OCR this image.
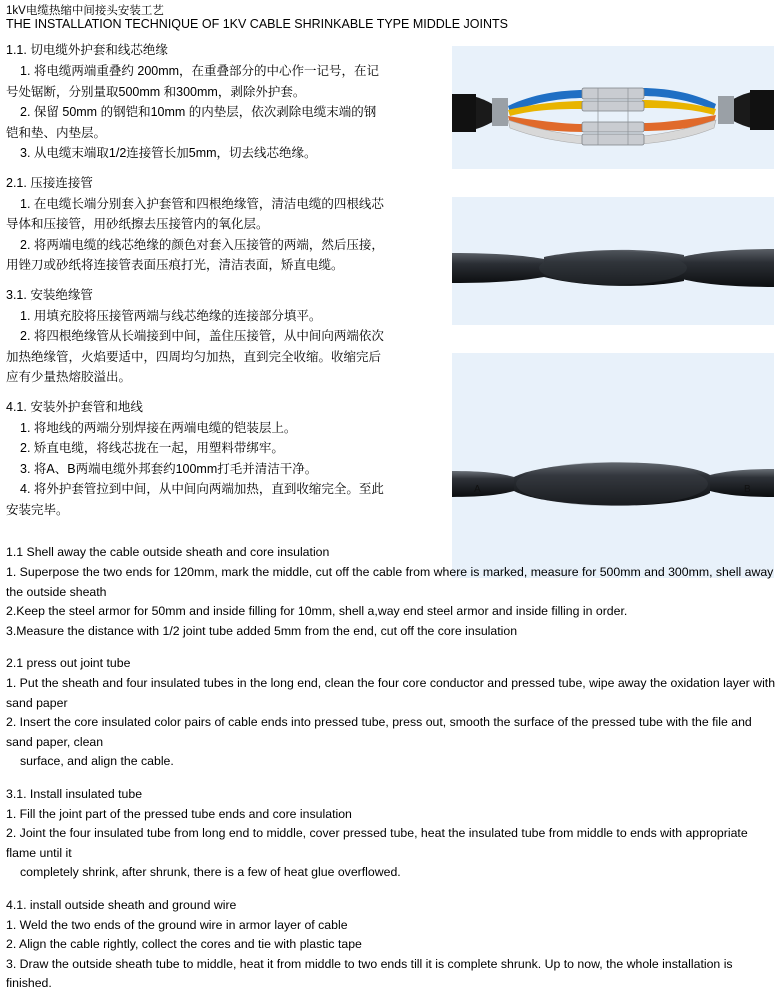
1kV电缆热缩中间接头安装工艺
THE INSTALLATION TECHNIQUE OF 1KV CABLE SHRINKABLE TYPE MIDDLE JOINTS

1.1. 切电缆外护套和线芯绝缘

1. 将电缆两端重叠约 200mm，在重叠部分的中心作一记号，在记号处锯断，分别量取500mm 和300mm，剥除外护套。

2. 保留 50mm 的钢铠和10mm 的内垫层，依次剥除电缆末端的钢铠和垫、内垫层。

3. 从电缆末端取1/2连接管长加5mm，切去线芯绝缘。

2.1. 压接连接管

1. 在电缆长端分别套入护套管和四根绝缘管，清洁电缆的四根线芯导体和压接管，用砂纸擦去压接管内的氧化层。

2. 将两端电缆的线芯绝缘的颜色对套入压接管的两端，然后压接，用锉刀或砂纸将连接管表面压痕打光，清洁表面，矫直电缆。

3.1. 安装绝缘管

1. 用填充胶将压接管两端与线芯绝缘的连接部分填平。

2. 将四根绝缘管从长端接到中间，盖住压接管，从中间向两端依次加热绝缘管，火焰要适中，四周均匀加热，直到完全收缩。收缩完后应有少量热熔胶溢出。

4.1. 安装外护套管和地线

1. 将地线的两端分别焊接在两端电缆的铠装层上。

2. 矫直电缆，将线芯拢在一起，用塑料带绑牢。

3. 将A、B两端电缆外邦套约100mm打毛并清洁干净。

4. 将外护套管拉到中间，从中间向两端加热，直到收缩完全。至此安装完毕。

A	B

1.1 Shell away the cable outside sheath and core insulation

1. Superpose the two ends for 120mm, mark the middle, cut off the cable from where is marked, measure for 500mm and 300mm, shell away the outside sheath

2.Keep the steel armor for 50mm and inside filling for 10mm, shell a,way end steel armor and inside filling in order.

3.Measure the distance with 1/2 joint tube added 5mm from the end, cut off the core insulation

2.1 press out joint tube

1. Put the sheath and four insulated tubes in the long end, clean the four core conductor and pressed tube, wipe away the oxidation layer with sand paper

2. Insert the core insulated color pairs of cable ends into pressed tube, press out, smooth the surface of the pressed tube with the file and sand paper, clean

surface, and align the cable.

3.1. Install insulated tube

1. Fill the joint part of the pressed tube ends and core insulation

2. Joint the four insulated tube from long end to middle, cover pressed tube, heat the insulated tube from middle to ends with appropriate flame until it

completely shrink, after shrunk, there is a few of heat glue overflowed.

4.1. install outside sheath and ground wire

1. Weld the two ends of the ground wire in armor layer of cable

2. Align the cable rightly, collect the cores and tie with plastic tape

3. Draw the outside sheath tube to middle, heat it from middle to two ends till it is complete shrunk. Up to now, the whole installation is finished.
